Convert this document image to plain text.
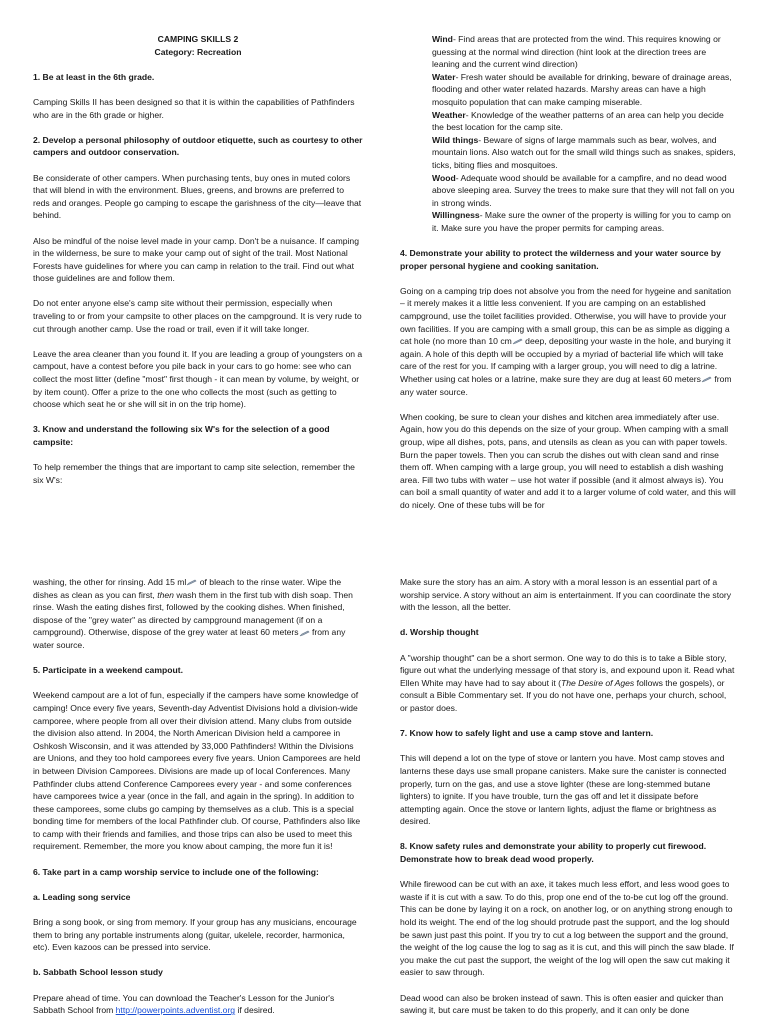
CAMPING SKILLS 2
Category: Recreation
1. Be at least in the 6th grade.
Camping Skills II has been designed so that it is within the capabilities of Pathfinders who are in the 6th grade or higher.
2. Develop a personal philosophy of outdoor etiquette, such as courtesy to other campers and outdoor conservation.
Be considerate of other campers. When purchasing tents, buy ones in muted colors that will blend in with the environment. Blues, greens, and browns are preferred to reds and oranges. People go camping to escape the garishness of the city—leave that behind.
Also be mindful of the noise level made in your camp. Don't be a nuisance. If camping in the wilderness, be sure to make your camp out of sight of the trail. Most National Forests have guidelines for where you can camp in relation to the trail. Find out what those guidelines are and follow them.
Do not enter anyone else's camp site without their permission, especially when traveling to or from your campsite to other places on the campground. It is very rude to cut through another camp. Use the road or trail, even if it will take longer.
Leave the area cleaner than you found it. If you are leading a group of youngsters on a campout, have a contest before you pile back in your cars to go home: see who can collect the most litter (define "most" first though - it can mean by volume, by weight, or by item count). Offer a prize to the one who collects the most (such as getting to choose which seat he or she will sit in on the trip home).
3. Know and understand the following six W's for the selection of a good campsite:
To help remember the things that are important to camp site selection, remember the six W's:
Wind- Find areas that are protected from the wind. This requires knowing or guessing at the normal wind direction (hint look at the direction trees are leaning and the current wind direction)
Water- Fresh water should be available for drinking, beware of drainage areas, flooding and other water related hazards. Marshy areas can have a high mosquito population that can make camping miserable.
Weather- Knowledge of the weather patterns of an area can help you decide the best location for the camp site.
Wild things- Beware of signs of large mammals such as bear, wolves, and mountain lions. Also watch out for the small wild things such as snakes, spiders, ticks, biting flies and mosquitoes.
Wood- Adequate wood should be available for a campfire, and no dead wood above sleeping area. Survey the trees to make sure that they will not fall on you in strong winds.
Willingness- Make sure the owner of the property is willing for you to camp on it. Make sure you have the proper permits for camping areas.
4. Demonstrate your ability to protect the wilderness and your water source by proper personal hygiene and cooking sanitation.
Going on a camping trip does not absolve you from the need for hygeine and sanitation – it merely makes it a little less convenient. If you are camping on an established campground, use the toilet facilities provided. Otherwise, you will have to provide your own facilities. If you are camping with a small group, this can be as simple as digging a cat hole (no more than 10 cm deep, depositing your waste in the hole, and burying it again. A hole of this depth will be occupied by a myriad of bacterial life which will take care of the rest for you. If camping with a larger group, you will need to dig a latrine. Whether using cat holes or a latrine, make sure they are dug at least 60 meters from any water source.
When cooking, be sure to clean your dishes and kitchen area immediately after use. Again, how you do this depends on the size of your group. When camping with a small group, wipe all dishes, pots, pans, and utensils as clean as you can with paper towels. Burn the paper towels. Then you can scrub the dishes out with clean sand and rinse them off. When camping with a large group, you will need to establish a dish washing area. Fill two tubs with water – use hot water if possible (and it almost always is). You can boil a small quantity of water and add it to a larger volume of cold water, and this will do nicely. One of these tubs will be for
washing, the other for rinsing. Add 15 ml of bleach to the rinse water. Wipe the dishes as clean as you can first, then wash them in the first tub with dish soap. Then rinse. Wash the eating dishes first, followed by the cooking dishes. When finished, dispose of the "grey water" as directed by campground management (if on a campground). Otherwise, dispose of the grey water at least 60 meters from any water source.
5. Participate in a weekend campout.
Weekend campout are a lot of fun, especially if the campers have some knowledge of camping! Once every five years, Seventh-day Adventist Divisions hold a division-wide camporee, where people from all over their division attend. Many clubs from outside the division also attend. In 2004, the North American Division held a camporee in Oshkosh Wisconsin, and it was attended by 33,000 Pathfinders! Within the Divisions are Unions, and they too hold camporees every five years. Union Camporees are held in between Division Camporees. Divisions are made up of local Conferences. Many Pathfinder clubs attend Conference Camporees every year - and some conferences have camporees twice a year (once in the fall, and again in the spring). In addition to these camporees, some clubs go camping by themselves as a club. This is a special bonding time for members of the local Pathfinder club. Of course, Pathfinders also like to camp with their friends and families, and those trips can also be used to meet this requirement. Remember, the more you know about camping, the more fun it is!
6. Take part in a camp worship service to include one of the following:
a. Leading song service
Bring a song book, or sing from memory. If your group has any musicians, encourage them to bring any portable instruments along (guitar, ukelele, recorder, harmonica, etc). Even kazoos can be pressed into service.
b. Sabbath School lesson study
Prepare ahead of time. You can download the Teacher's Lesson for the Junior's Sabbath School from http://powerpoints.adventist.org if desired.
Make sure the story has an aim. A story with a moral lesson is an essential part of a worship service. A story without an aim is entertainment. If you can coordinate the story with the lesson, all the better.
d. Worship thought
A "worship thought" can be a short sermon. One way to do this is to take a Bible story, figure out what the underlying message of that story is, and expound upon it. Read what Ellen White may have had to say about it (The Desire of Ages follows the gospels), or consult a Bible Commentary set. If you do not have one, perhaps your church, school, or pastor does.
7. Know how to safely light and use a camp stove and lantern.
This will depend a lot on the type of stove or lantern you have. Most camp stoves and lanterns these days use small propane canisters. Make sure the canister is connected properly, turn on the gas, and use a stove lighter (these are long-stemmed butane lighters) to ignite. If you have trouble, turn the gas off and let it dissipate before attempting again. Once the stove or lantern lights, adjust the flame or brightness as desired.
8. Know safety rules and demonstrate your ability to properly cut firewood. Demonstrate how to break dead wood properly.
While firewood can be cut with an axe, it takes much less effort, and less wood goes to waste if it is cut with a saw. To do this, prop one end of the to-be cut log off the ground. This can be done by laying it on a rock, on another log, or on anything strong enough to hold its weight. The end of the log should protrude past the support, and the log should be sawn just past this point. If you try to cut a log between the support and the ground, the weight of the log cause the log to sag as it is cut, and this will pinch the saw blade. If you make the cut past the support, the weight of the log will open the saw cut making it easier to saw through.
Dead wood can also be broken instead of sawn. This is often easier and quicker than sawing it, but care must be taken to do this properly, and it can only be done
